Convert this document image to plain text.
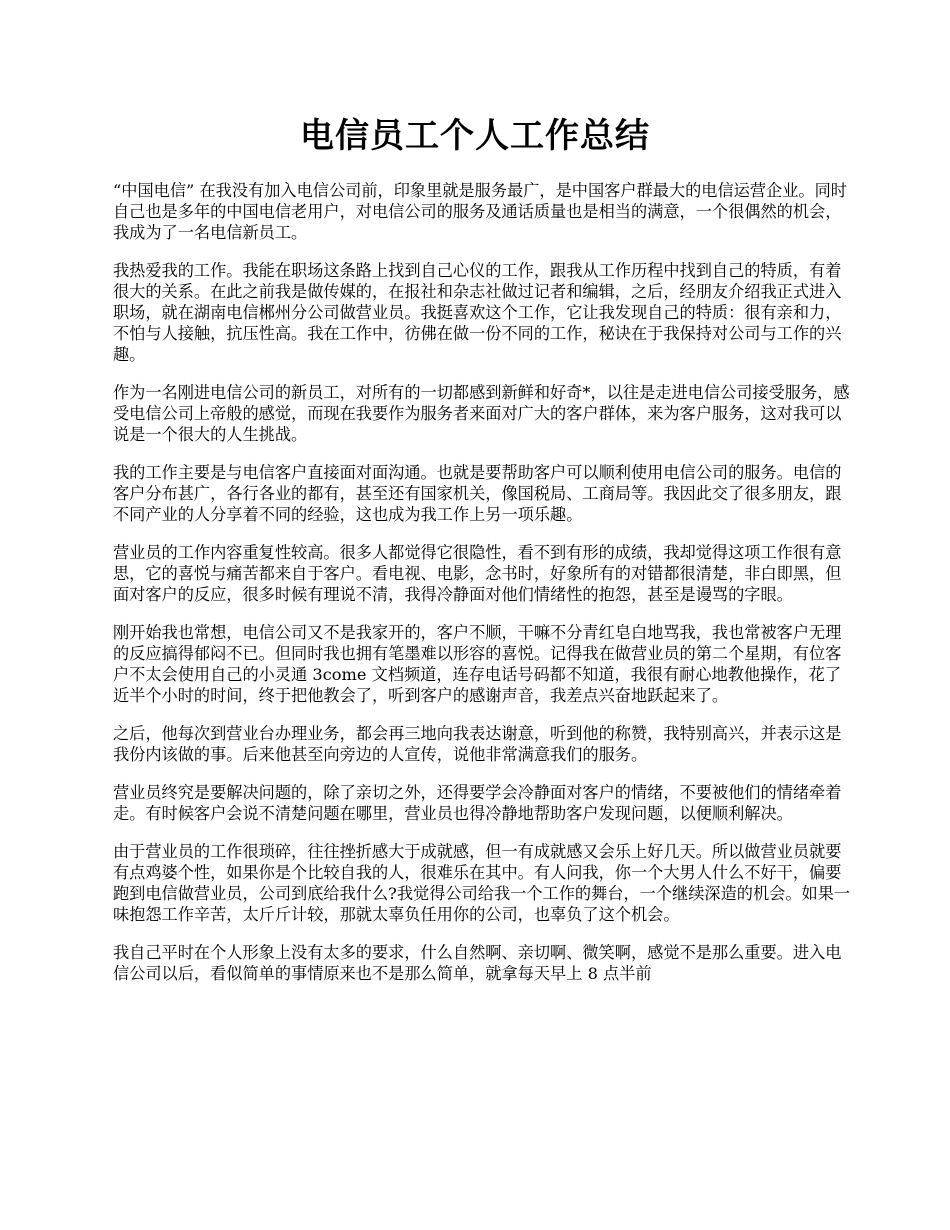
电信员工个人工作总结

“中国电信” 在我没有加入电信公司前，印象里就是服务最广，是中国客户群最大的电信运营企业。同时自己也是多年的中国电信老用户，对电信公司的服务及通话质量也是相当的满意，一个很偶然的机会，我成为了一名电信新员工。

我热爱我的工作。我能在职场这条路上找到自己心仪的工作，跟我从工作历程中找到自己的特质，有着很大的关系。在此之前我是做传媒的，在报社和杂志社做过记者和编辑，之后，经朋友介绍我正式进入职场，就在湖南电信郴州分公司做营业员。我挺喜欢这个工作，它让我发现自己的特质：很有亲和力，不怕与人接触，抗压性高。我在工作中，彷佛在做一份不同的工作，秘诀在于我保持对公司与工作的兴趣。

作为一名刚进电信公司的新员工，对所有的一切都感到新鲜和好奇*，以往是走进电信公司接受服务，感受电信公司上帝般的感觉，而现在我要作为服务者来面对广大的客户群体，来为客户服务，这对我可以说是一个很大的人生挑战。

我的工作主要是与电信客户直接面对面沟通。也就是要帮助客户可以顺利使用电信公司的服务。电信的客户分布甚广，各行各业的都有，甚至还有国家机关，像国税局、工商局等。我因此交了很多朋友，跟不同产业的人分享着不同的经验，这也成为我工作上另一项乐趣。

营业员的工作内容重复性较高。很多人都觉得它很隐性，看不到有形的成绩，我却觉得这项工作很有意思，它的喜悦与痛苦都来自于客户。看电视、电影，念书时，好象所有的对错都很清楚，非白即黑，但面对客户的反应，很多时候有理说不清，我得冷静面对他们情绪性的抱怨，甚至是谩骂的字眼。

刚开始我也常想，电信公司又不是我家开的，客户不顺，干嘛不分青红皂白地骂我，我也常被客户无理的反应搞得郁闷不已。但同时我也拥有笔墨难以形容的喜悦。记得我在做营业员的第二个星期，有位客户不太会使用自己的小灵通 3come 文档频道，连存电话号码都不知道，我很有耐心地教他操作，花了近半个小时的时间，终于把他教会了，听到客户的感谢声音，我差点兴奋地跃起来了。

之后，他每次到营业台办理业务，都会再三地向我表达谢意，听到他的称赞，我特别高兴，并表示这是我份内该做的事。后来他甚至向旁边的人宣传，说他非常满意我们的服务。

营业员终究是要解决问题的，除了亲切之外，还得要学会冷静面对客户的情绪，不要被他们的情绪牵着走。有时候客户会说不清楚问题在哪里，营业员也得冷静地帮助客户发现问题，以便顺利解决。

由于营业员的工作很琐碎，往往挫折感大于成就感，但一有成就感又会乐上好几天。所以做营业员就要有点鸡婆个性，如果你是个比较自我的人，很难乐在其中。有人问我，你一个大男人什么不好干，偏要跑到电信做营业员，公司到底给我什么?我觉得公司给我一个工作的舞台，一个继续深造的机会。如果一味抱怨工作辛苦，太斤斤计较，那就太辜负任用你的公司，也辜负了这个机会。

我自己平时在个人形象上没有太多的要求，什么自然啊、亲切啊、微笑啊，感觉不是那么重要。进入电信公司以后，看似简单的事情原来也不是那么简单，就拿每天早上 8 点半前
